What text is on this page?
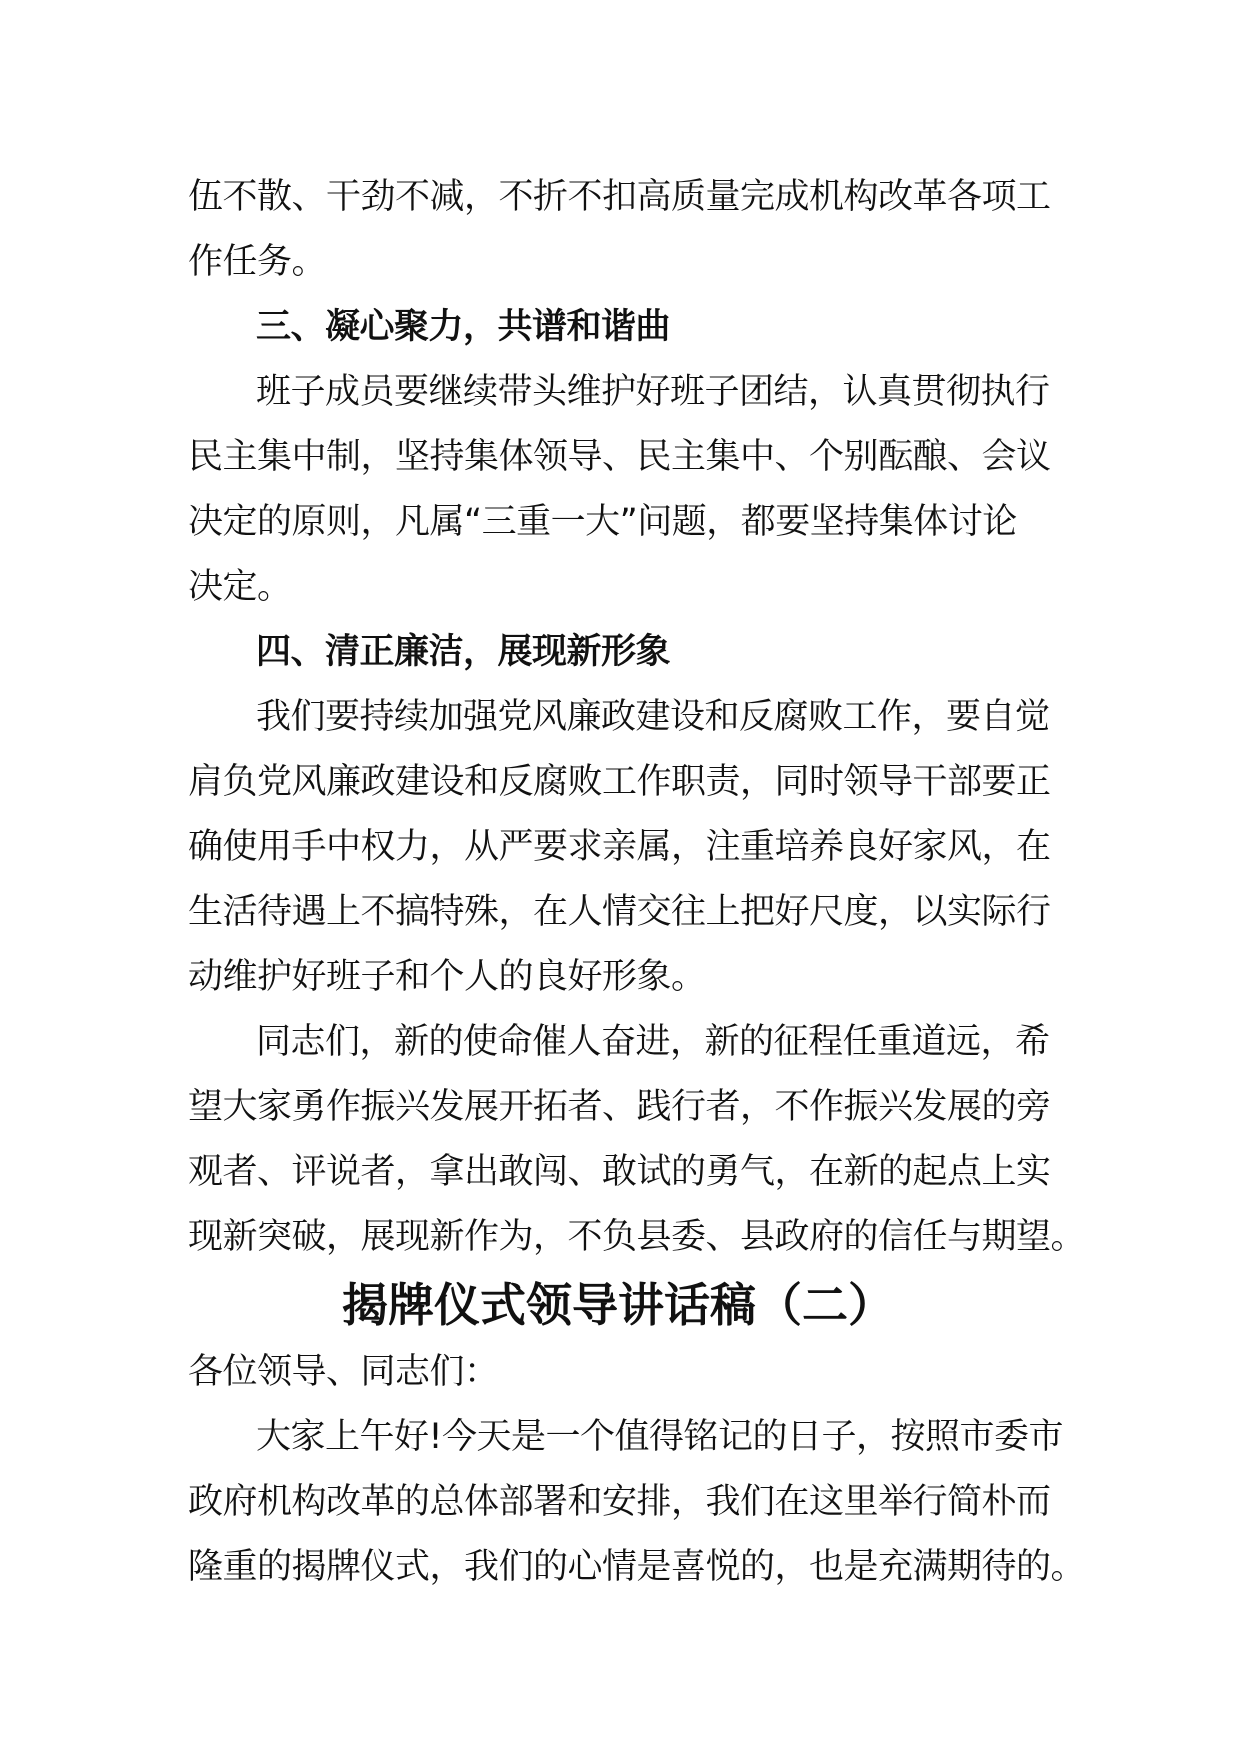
伍不散、干劲不减，不折不扣高质量完成机构改革各项工
作任务。
三、凝心聚力，共谱和谐曲
班子成员要继续带头维护好班子团结，认真贯彻执行
民主集中制，坚持集体领导、民主集中、个别酝酿、会议
决定的原则，凡属“三重一大”问题，都要坚持集体讨论
决定。
四、清正廉洁，展现新形象
我们要持续加强党风廉政建设和反腐败工作，要自觉
肩负党风廉政建设和反腐败工作职责，同时领导干部要正
确使用手中权力，从严要求亲属，注重培养良好家风，在
生活待遇上不搞特殊，在人情交往上把好尺度，以实际行
动维护好班子和个人的良好形象。
同志们，新的使命催人奋进，新的征程任重道远，希
望大家勇作振兴发展开拓者、践行者，不作振兴发展的旁
观者、评说者，拿出敢闯、敢试的勇气，在新的起点上实
现新突破，展现新作为，不负县委、县政府的信任与期望。
揭牌仪式领导讲话稿（二）
各位领导、同志们：
大家上午好!今天是一个值得铭记的日子，按照市委市
政府机构改革的总体部署和安排，我们在这里举行简朴而
隆重的揭牌仪式，我们的心情是喜悦的，也是充满期待的。
